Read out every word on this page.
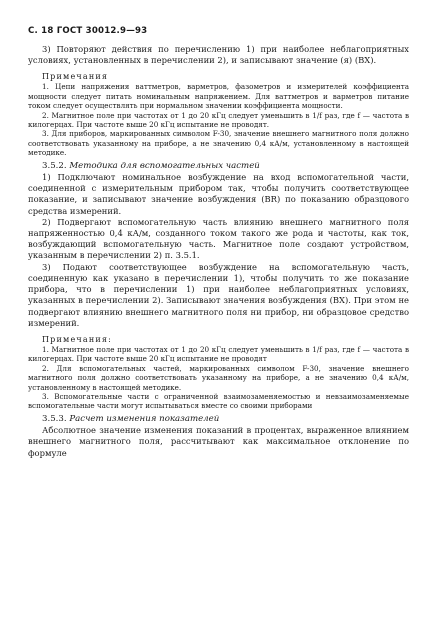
С. 18 ГОСТ 30012.9—93

3) Повторяют действия по перечислению 1) при наиболее неблагоприятных условиях, установленных в перечислении 2), и записывают значение (я) (BX).

Примечания

1. Цепи напряжения ваттметров, варметров, фазометров и измерителей коэффициента мощности следует питать номинальным напряжением. Для ваттметров и варметров питание током следует осуществлять при нормальном значении коэффициента мощности.

2. Магнитное поле при частотах от 1 до 20 кГц следует уменьшить в 1/f раз, где f — частота в килогерцах. При частоте выше 20 кГц испытание не проводят.

3. Для приборов, маркированных символом F-30, значение внешнего магнитного поля должно соответствовать указанному на приборе, а не значению 0,4 кА/м, установленному в настоящей методике.

3.5.2. Методика для вспомогательных частей

1) Подключают номинальное возбуждение на вход вспомогательной части, соединенной с измерительным прибором так, чтобы получить соответствующее показание, и записывают значение возбуждения (BR) по показанию образцового средства измерений.

2) Подвергают вспомогательную часть влиянию внешнего магнитного поля напряженностью 0,4 кА/м, созданного током такого же рода и частоты, как ток, возбуждающий вспомогательную часть. Магнитное поле создают устройством, указанным в перечислении 2) п. 3.5.1.

3) Подают соответствующее возбуждение на вспомогательную часть, соединенную как указано в перечислении 1), чтобы получить то же показание прибора, что в перечислении 1) при наиболее неблагоприятных условиях, указанных в перечислении 2). Записывают значения возбуждения (BX). При этом не подвергают влиянию внешнего магнитного поля ни прибор, ни образцовое средство измерений.

Примечания:

1. Магнитное поле при частотах от 1 до 20 кГц следует уменьшить в 1/f раз, где f — частота в килогерцах. При частоте выше 20 кГц испытание не проводят

2. Для вспомогательных частей, маркированных символом F-30, значение внешнего магнитного поля должно соответствовать указанному на приборе, а не значению 0,4 кА/м, установленному в настоящей методике.

3. Вспомогательные части с ограниченной взаимозаменяемостью и невзаимозаменяемые вспомогательные части могут испытываться вместе со своими приборами

3.5.3. Расчет изменения показателей

Абсолютное значение изменения показаний в процентах, выраженное влиянием внешнего магнитного поля, рассчитывают как максимальное отклонение по формуле
